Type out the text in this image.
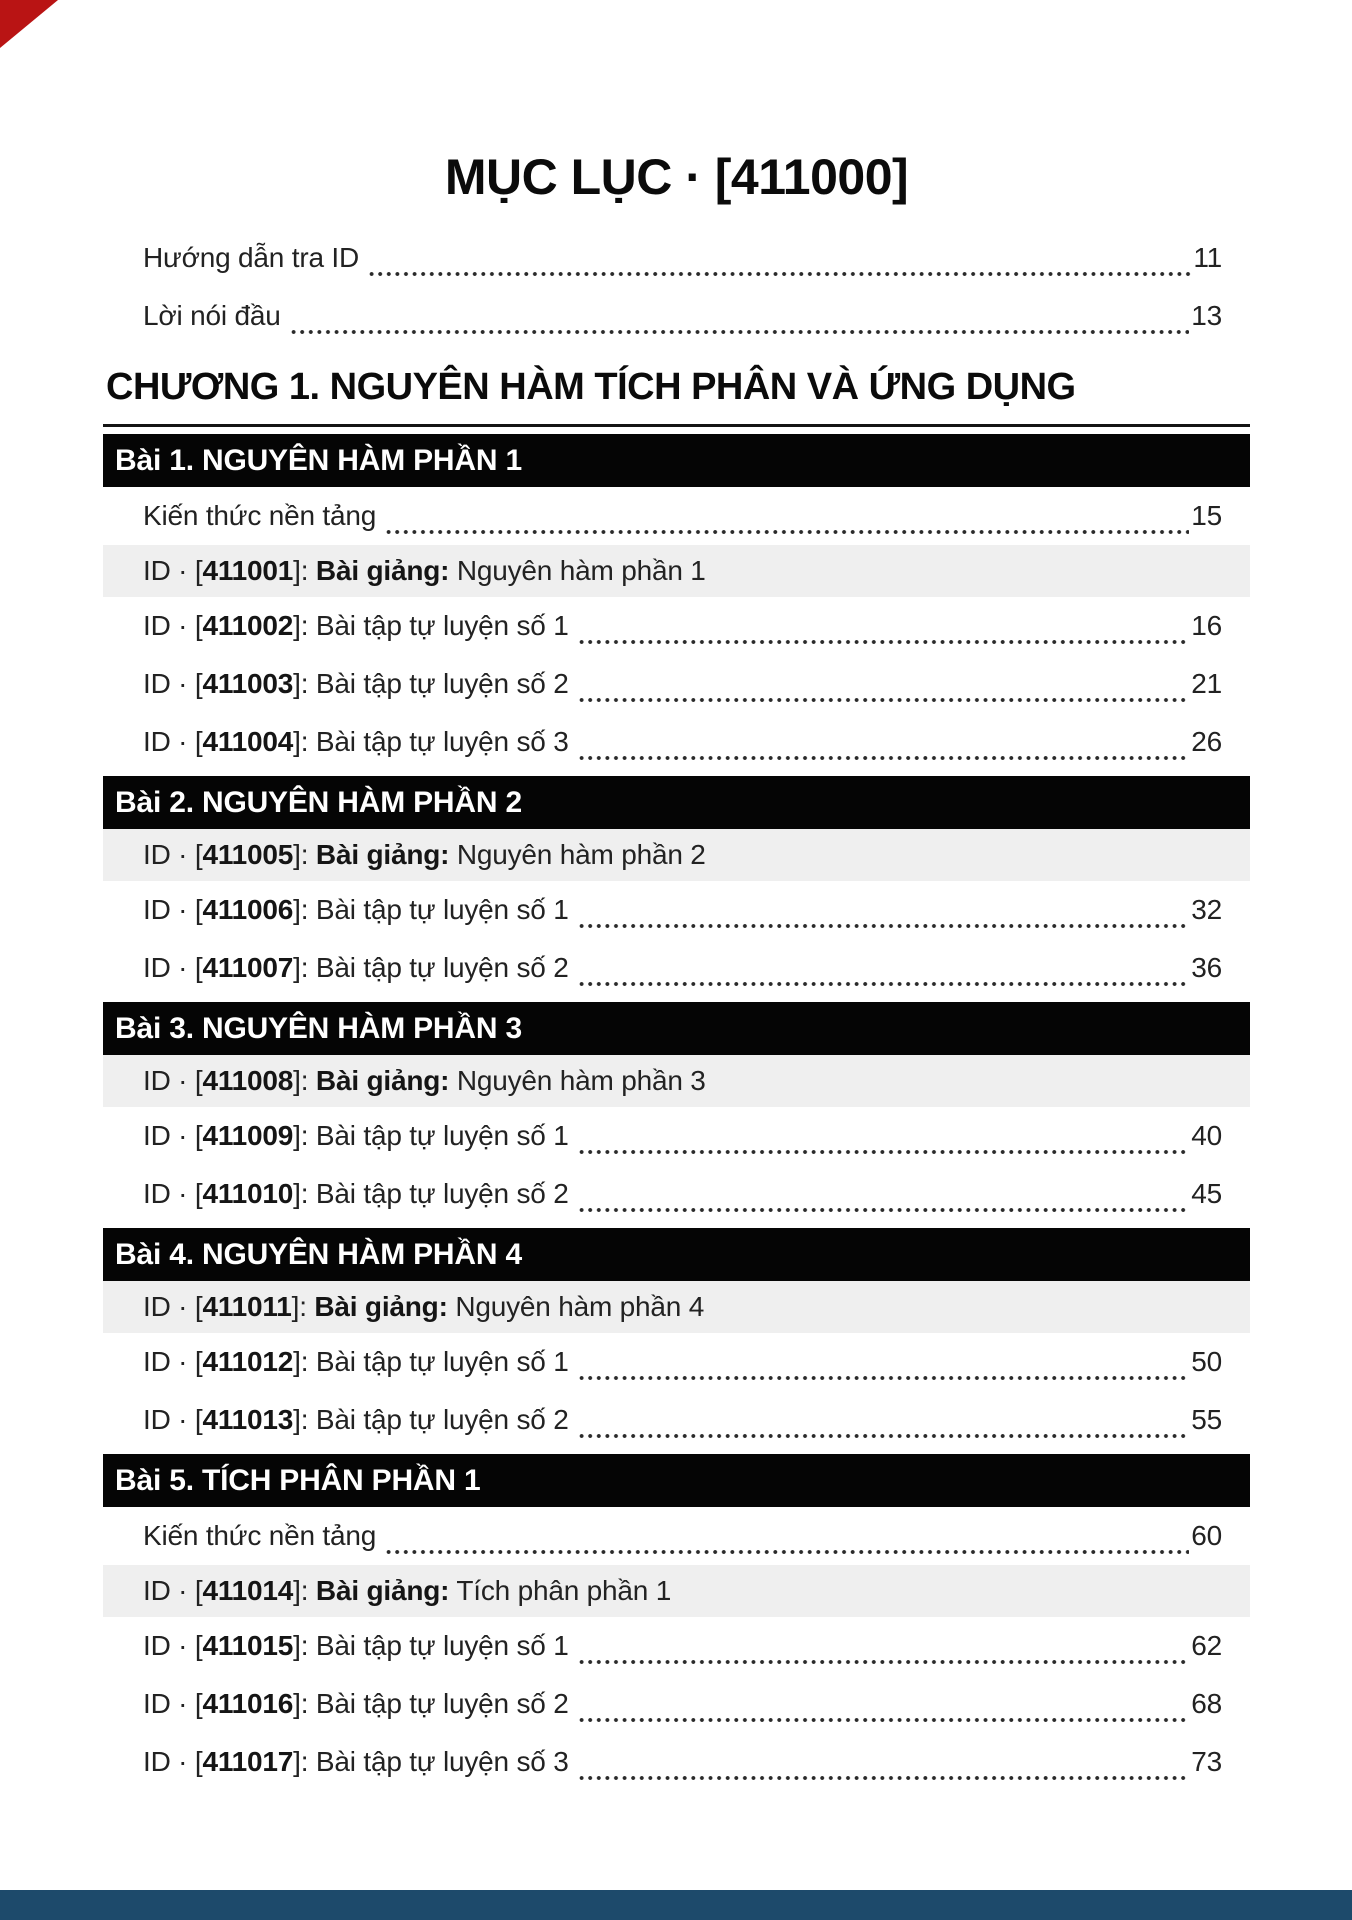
MỤC LỤC · [411000]
Hướng dẫn tra ID	11
Lời nói đầu	13
CHƯƠNG 1. NGUYÊN HÀM TÍCH PHÂN VÀ ỨNG DỤNG
Bài 1. NGUYÊN HÀM PHẦN 1
Kiến thức nền tảng	15
ID · [411001]: Bài giảng: Nguyên hàm phần 1
ID · [411002]: Bài tập tự luyện số 1	16
ID · [411003]: Bài tập tự luyện số 2	21
ID · [411004]: Bài tập tự luyện số 3	26
Bài 2. NGUYÊN HÀM PHẦN 2
ID · [411005]: Bài giảng: Nguyên hàm phần 2
ID · [411006]: Bài tập tự luyện số 1	32
ID · [411007]: Bài tập tự luyện số 2	36
Bài 3. NGUYÊN HÀM PHẦN 3
ID · [411008]: Bài giảng: Nguyên hàm phần 3
ID · [411009]: Bài tập tự luyện số 1	40
ID · [411010]: Bài tập tự luyện số 2	45
Bài 4. NGUYÊN HÀM PHẦN 4
ID · [411011]: Bài giảng: Nguyên hàm phần 4
ID · [411012]: Bài tập tự luyện số 1	50
ID · [411013]: Bài tập tự luyện số 2	55
Bài 5. TÍCH PHÂN PHẦN 1
Kiến thức nền tảng	60
ID · [411014]: Bài giảng: Tích phân phần 1
ID · [411015]: Bài tập tự luyện số 1	62
ID · [411016]: Bài tập tự luyện số 2	68
ID · [411017]: Bài tập tự luyện số 3	73
